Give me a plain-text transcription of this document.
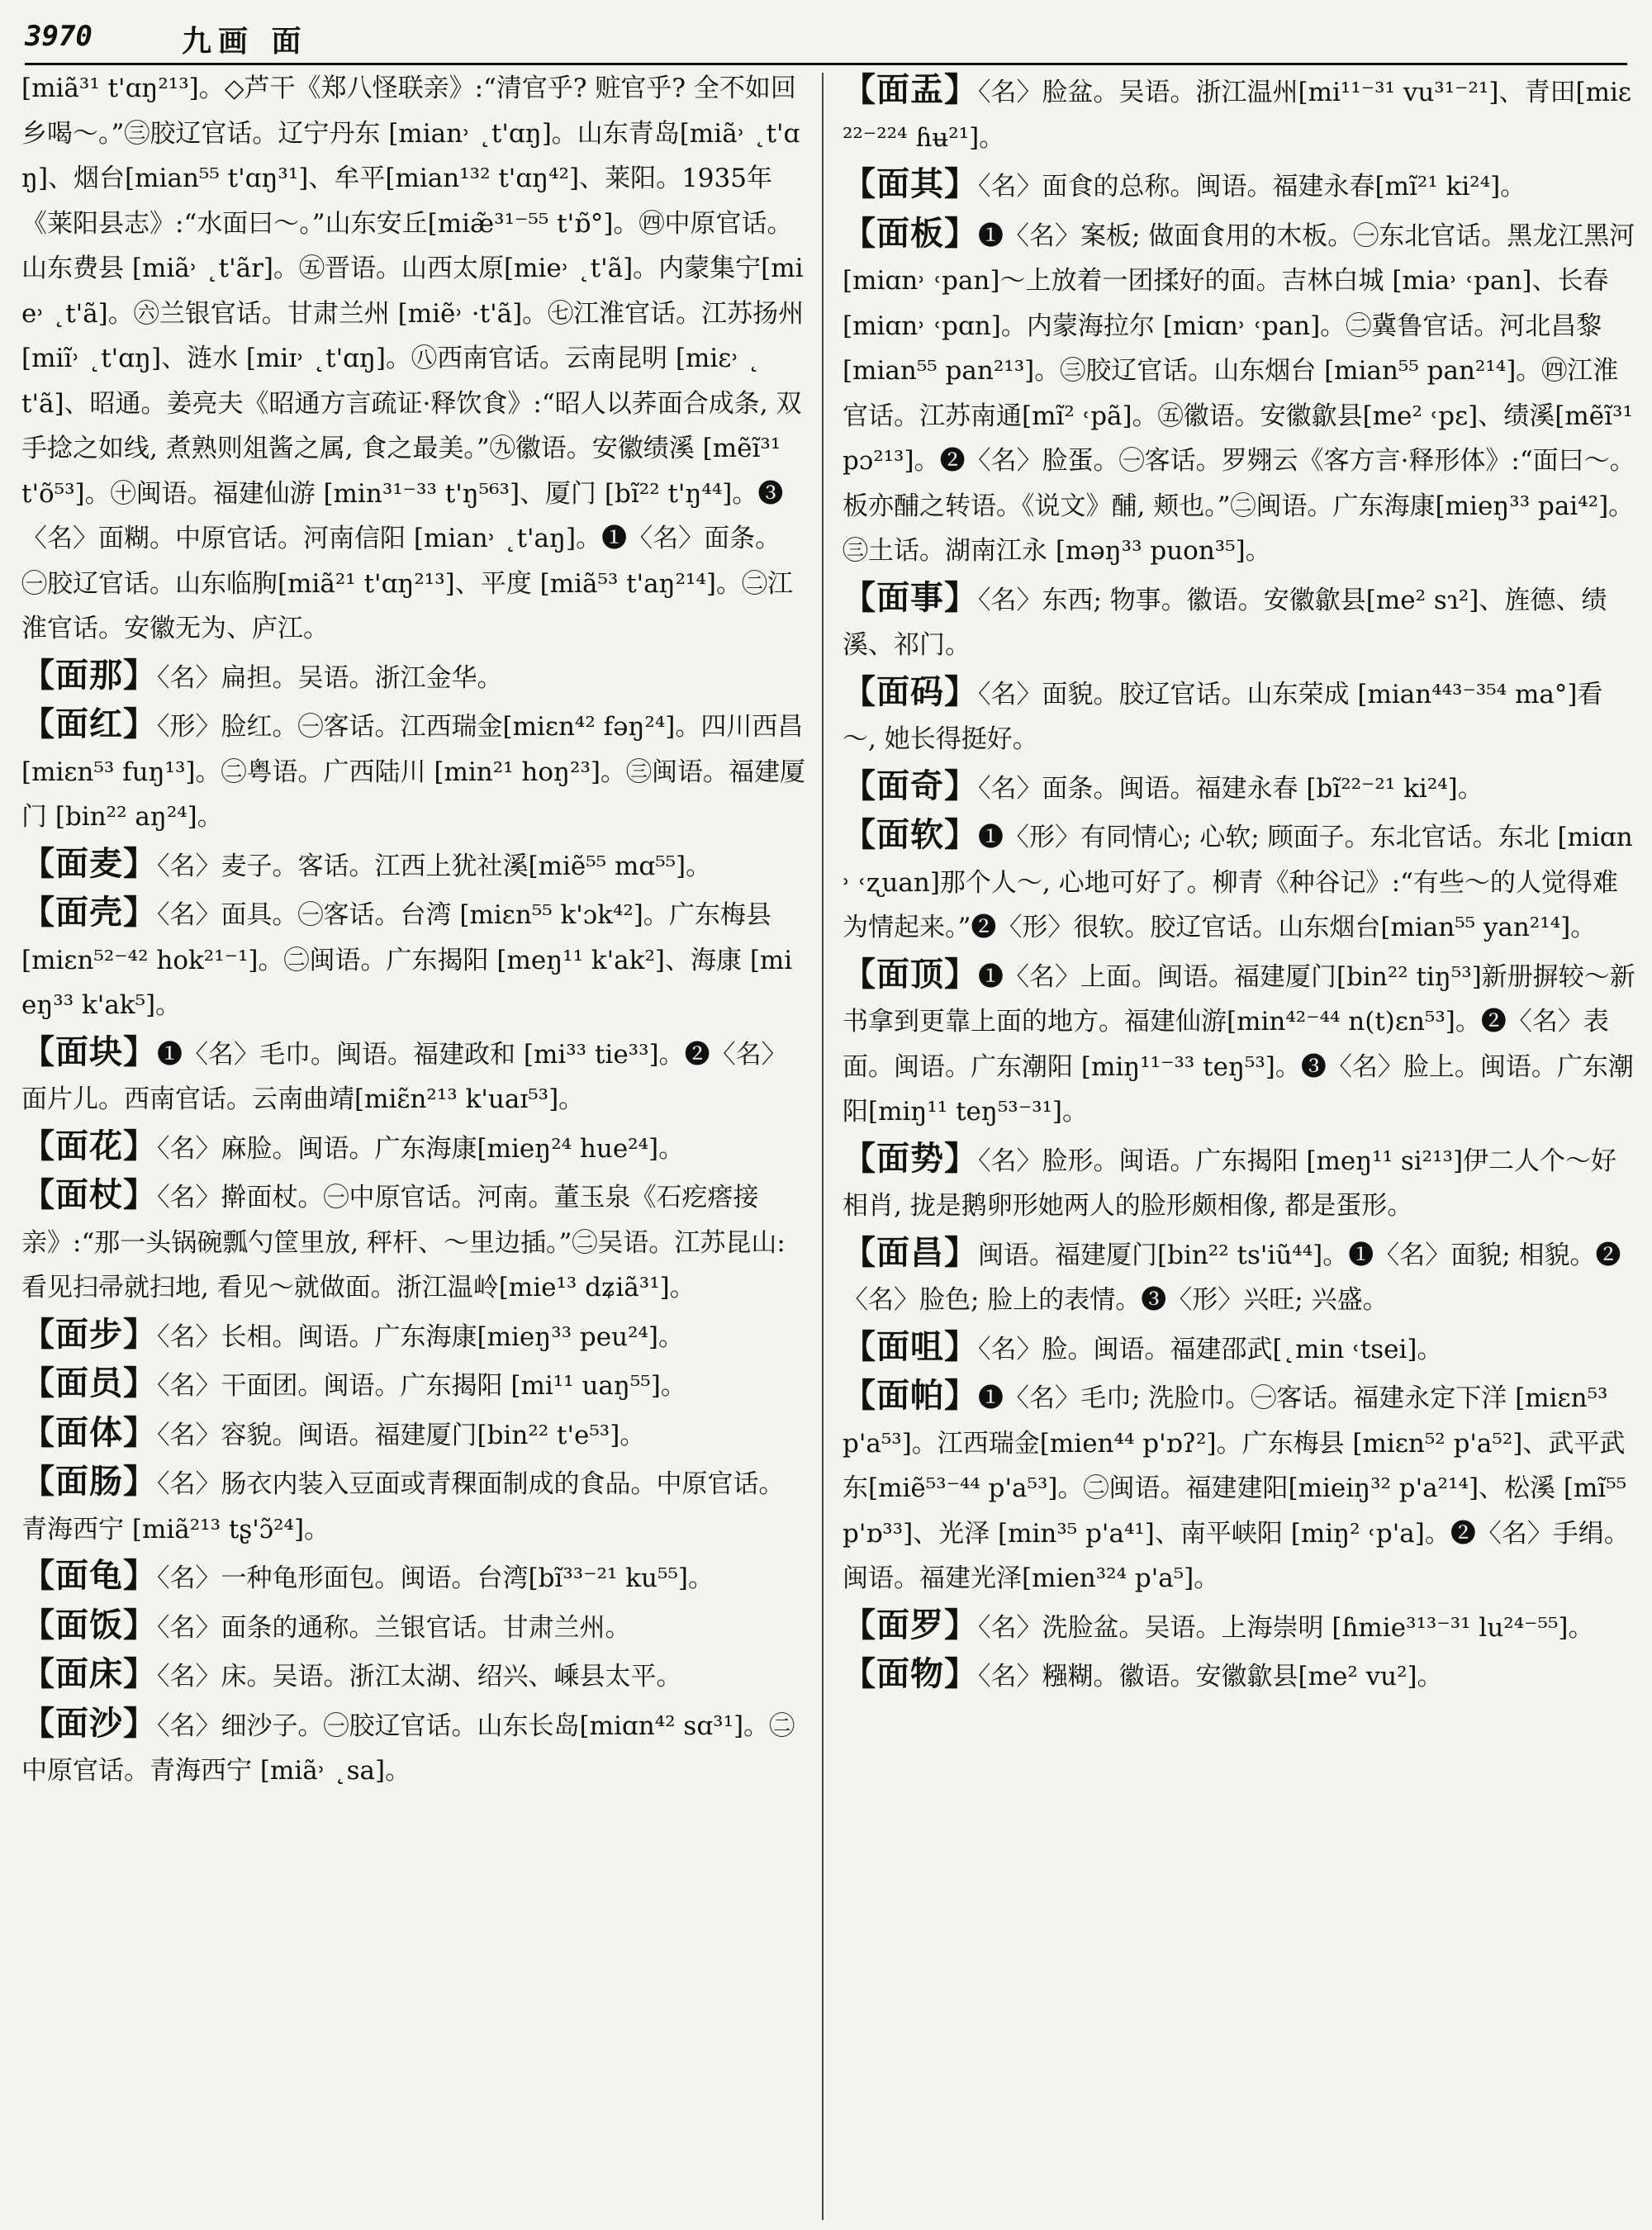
3970	九画 面

[miã³¹ t'ɑŋ²¹³]。◇芦干《郑八怪联亲》:“清官乎? 赃官乎? 全不如回乡喝～。”㊂胶辽官话。辽宁丹东 [mian˒ ˛t'ɑŋ]。山东青岛[miã˒ ˛t'ɑŋ]、烟台[mian⁵⁵ t'ɑŋ³¹]、牟平[mian¹³² t'ɑŋ⁴²]、莱阳。1935年《莱阳县志》:“水面曰～。”山东安丘[miæ̃³¹⁻⁵⁵ t'ɒ̃°]。㊃中原官话。山东费县 [miã˒ ˛t'ãr]。㊄晋语。山西太原[mie˒ ˛t'ã]。内蒙集宁[mie˒ ˛t'ã]。㊅兰银官话。甘肃兰州 [miẽ˒ ·t'ã]。㊆江淮官话。江苏扬州 [miĩ˒ ˛t'ɑŋ]、涟水 [miɪ˒ ˛t'ɑŋ]。㊇西南官话。云南昆明 [miɛ˒ ˛t'ã]、昭通。姜亮夫《昭通方言疏证·释饮食》:“昭人以荞面合成条, 双手捻之如线, 煮熟则俎酱之属, 食之最美。”㊈徽语。安徽绩溪 [mẽĩ³¹ t'õ⁵³]。㊉闽语。福建仙游 [min³¹⁻³³ t'ŋ⁵⁶³]、厦门 [bĩ²² t'ŋ⁴⁴]。❸〈名〉面糊。中原官话。河南信阳 [mian˒ ˛t'aŋ]。❶〈名〉面条。㊀胶辽官话。山东临朐[miã²¹ t'ɑŋ²¹³]、平度 [miã⁵³ t'aŋ²¹⁴]。㊁江淮官话。安徽无为、庐江。

【面那】〈名〉扁担。吴语。浙江金华。

【面红】〈形〉脸红。㊀客话。江西瑞金[miɛn⁴² fəŋ²⁴]。四川西昌 [miɛn⁵³ fuŋ¹³]。㊁粤语。广西陆川 [min²¹ hoŋ²³]。㊂闽语。福建厦门 [bin²² aŋ²⁴]。

【面麦】〈名〉麦子。客话。江西上犹社溪[miẽ⁵⁵ mɑ⁵⁵]。

【面壳】〈名〉面具。㊀客话。台湾 [miɛn⁵⁵ k'ɔk⁴²]。广东梅县 [miɛn⁵²⁻⁴² hok²¹⁻¹]。㊁闽语。广东揭阳 [meŋ¹¹ k'ak²]、海康 [mieŋ³³ k'ak⁵]。

【面块】❶〈名〉毛巾。闽语。福建政和 [mi³³ tie³³]。❷〈名〉面片儿。西南官话。云南曲靖[miɛ̃n²¹³ k'uaɪ⁵³]。

【面花】〈名〉麻脸。闽语。广东海康[mieŋ²⁴ hue²⁴]。

【面杖】〈名〉擀面杖。㊀中原官话。河南。董玉泉《石疙瘩接亲》:“那一头锅碗瓢勺筐里放, 秤杆、～里边插。”㊁吴语。江苏昆山: 看见扫帚就扫地, 看见～就做面。浙江温岭[mie¹³ dʑiã³¹]。

【面步】〈名〉长相。闽语。广东海康[mieŋ³³ peu²⁴]。

【面员】〈名〉干面团。闽语。广东揭阳 [mi¹¹ uaŋ⁵⁵]。

【面体】〈名〉容貌。闽语。福建厦门[bin²² t'e⁵³]。

【面肠】〈名〉肠衣内装入豆面或青稞面制成的食品。中原官话。青海西宁 [miã²¹³ tʂ'ɔ̃²⁴]。

【面龟】〈名〉一种龟形面包。闽语。台湾[bĩ³³⁻²¹ ku⁵⁵]。

【面饭】〈名〉面条的通称。兰银官话。甘肃兰州。

【面床】〈名〉床。吴语。浙江太湖、绍兴、嵊县太平。

【面沙】〈名〉细沙子。㊀胶辽官话。山东长岛[miɑn⁴² sɑ³¹]。㊁中原官话。青海西宁 [miã˒ ˛sa]。

【面盂】〈名〉脸盆。吴语。浙江温州[mi¹¹⁻³¹ vu³¹⁻²¹]、青田[miɛ²²⁻²²⁴ ɦʉ²¹]。

【面其】〈名〉面食的总称。闽语。福建永春[mĩ²¹ ki²⁴]。

【面板】❶〈名〉案板; 做面食用的木板。㊀东北官话。黑龙江黑河[miɑn˒ ˓pan]～上放着一团揉好的面。吉林白城 [mia˒ ˓pan]、长春[miɑn˒ ˓pɑn]。内蒙海拉尔 [miɑn˒ ˓pan]。㊁冀鲁官话。河北昌黎 [mian⁵⁵ pan²¹³]。㊂胶辽官话。山东烟台 [mian⁵⁵ pan²¹⁴]。㊃江淮官话。江苏南通[mĩ² ˓pã]。㊄徽语。安徽歙县[me² ˓pɛ]、绩溪[mẽĩ³¹ pɔ²¹³]。❷〈名〉脸蛋。㊀客话。罗翙云《客方言·释形体》:“面曰～。板亦酺之转语。《说文》酺, 颊也。”㊁闽语。广东海康[mieŋ³³ pai⁴²]。㊂土话。湖南江永 [məŋ³³ puon³⁵]。

【面事】〈名〉东西; 物事。徽语。安徽歙县[me² sɿ²]、旌德、绩溪、祁门。

【面码】〈名〉面貌。胶辽官话。山东荣成 [mian⁴⁴³⁻³⁵⁴ ma°]看～, 她长得挺好。

【面奇】〈名〉面条。闽语。福建永春 [bĩ²²⁻²¹ ki²⁴]。

【面软】❶〈形〉有同情心; 心软; 顾面子。东北官话。东北 [miɑn˒ ˓ʐuan]那个人～, 心地可好了。柳青《种谷记》:“有些～的人觉得难为情起来。”❷〈形〉很软。胶辽官话。山东烟台[mian⁵⁵ yan²¹⁴]。

【面顶】❶〈名〉上面。闽语。福建厦门[bin²² tiŋ⁵³]新册摒较～新书拿到更靠上面的地方。福建仙游[min⁴²⁻⁴⁴ n(t)ɛn⁵³]。❷〈名〉表面。闽语。广东潮阳 [miŋ¹¹⁻³³ teŋ⁵³]。❸〈名〉脸上。闽语。广东潮阳[miŋ¹¹ teŋ⁵³⁻³¹]。

【面势】〈名〉脸形。闽语。广东揭阳 [meŋ¹¹ si²¹³]伊二人个～好相肖, 拢是鹅卵形她两人的脸形颇相像, 都是蛋形。

【面昌】闽语。福建厦门[bin²² ts'iũ⁴⁴]。❶〈名〉面貌; 相貌。❷〈名〉脸色; 脸上的表情。❸〈形〉兴旺; 兴盛。

【面咀】〈名〉脸。闽语。福建邵武[˛min ˓tsei]。

【面帕】❶〈名〉毛巾; 洗脸巾。㊀客话。福建永定下洋 [miɛn⁵³ p'a⁵³]。江西瑞金[mien⁴⁴ p'ɒʔ²]。广东梅县 [miɛn⁵² p'a⁵²]、武平武东[miẽ⁵³⁻⁴⁴ p'a⁵³]。㊁闽语。福建建阳[mieiŋ³² p'a²¹⁴]、松溪 [mĩ⁵⁵ p'ɒ³³]、光泽 [min³⁵ p'a⁴¹]、南平峡阳 [miŋ² ˓p'a]。❷〈名〉手绢。闽语。福建光泽[mien³²⁴ p'a⁵]。

【面罗】〈名〉洗脸盆。吴语。上海崇明 [ɦmie³¹³⁻³¹ lu²⁴⁻⁵⁵]。

【面物】〈名〉糨糊。徽语。安徽歙县[me² vu²]。
